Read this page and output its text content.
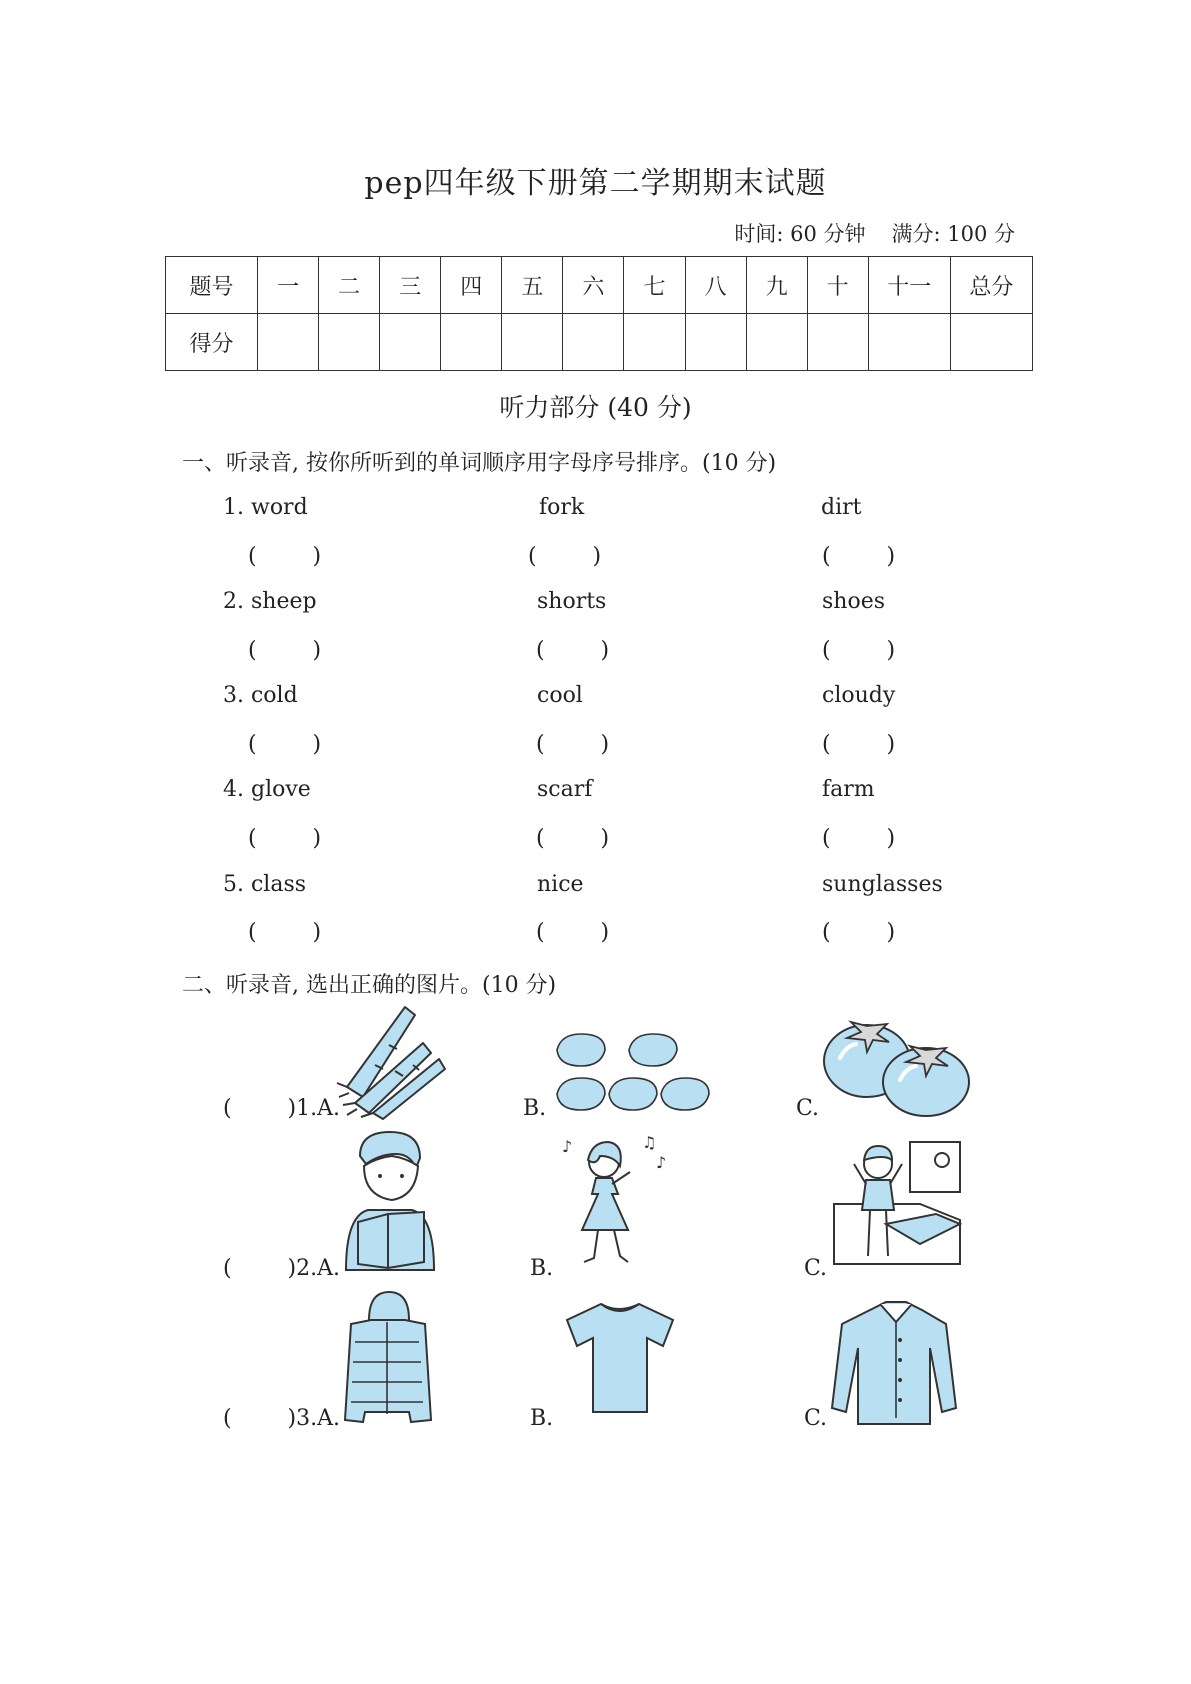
pep四年级下册第二学期期末试题
时间: 60 分钟 满分: 100 分
题号	一	二	三	四	五	六	七	八	九	十	十一	总分
得分												
听力部分 (40 分)
一、听录音, 按你所听到的单词顺序用字母序号排序。(10 分)
1. word	fork	dirt
(        )	(        )	(        )
2. sheep	shorts	shoes
(        )	(        )	(        )
3. cold	cool	cloudy
(        )	(        )	(        )
4. glove	scarf	farm
(        )	(        )	(        )
5. class	nice	sunglasses
(        )	(        )	(        )
二、听录音, 选出正确的图片。(10 分)
(        )1.A.	B.	C.
(        )2.A.	B.	C.
♪	♫
♪
(        )3.A.	B.	C.
